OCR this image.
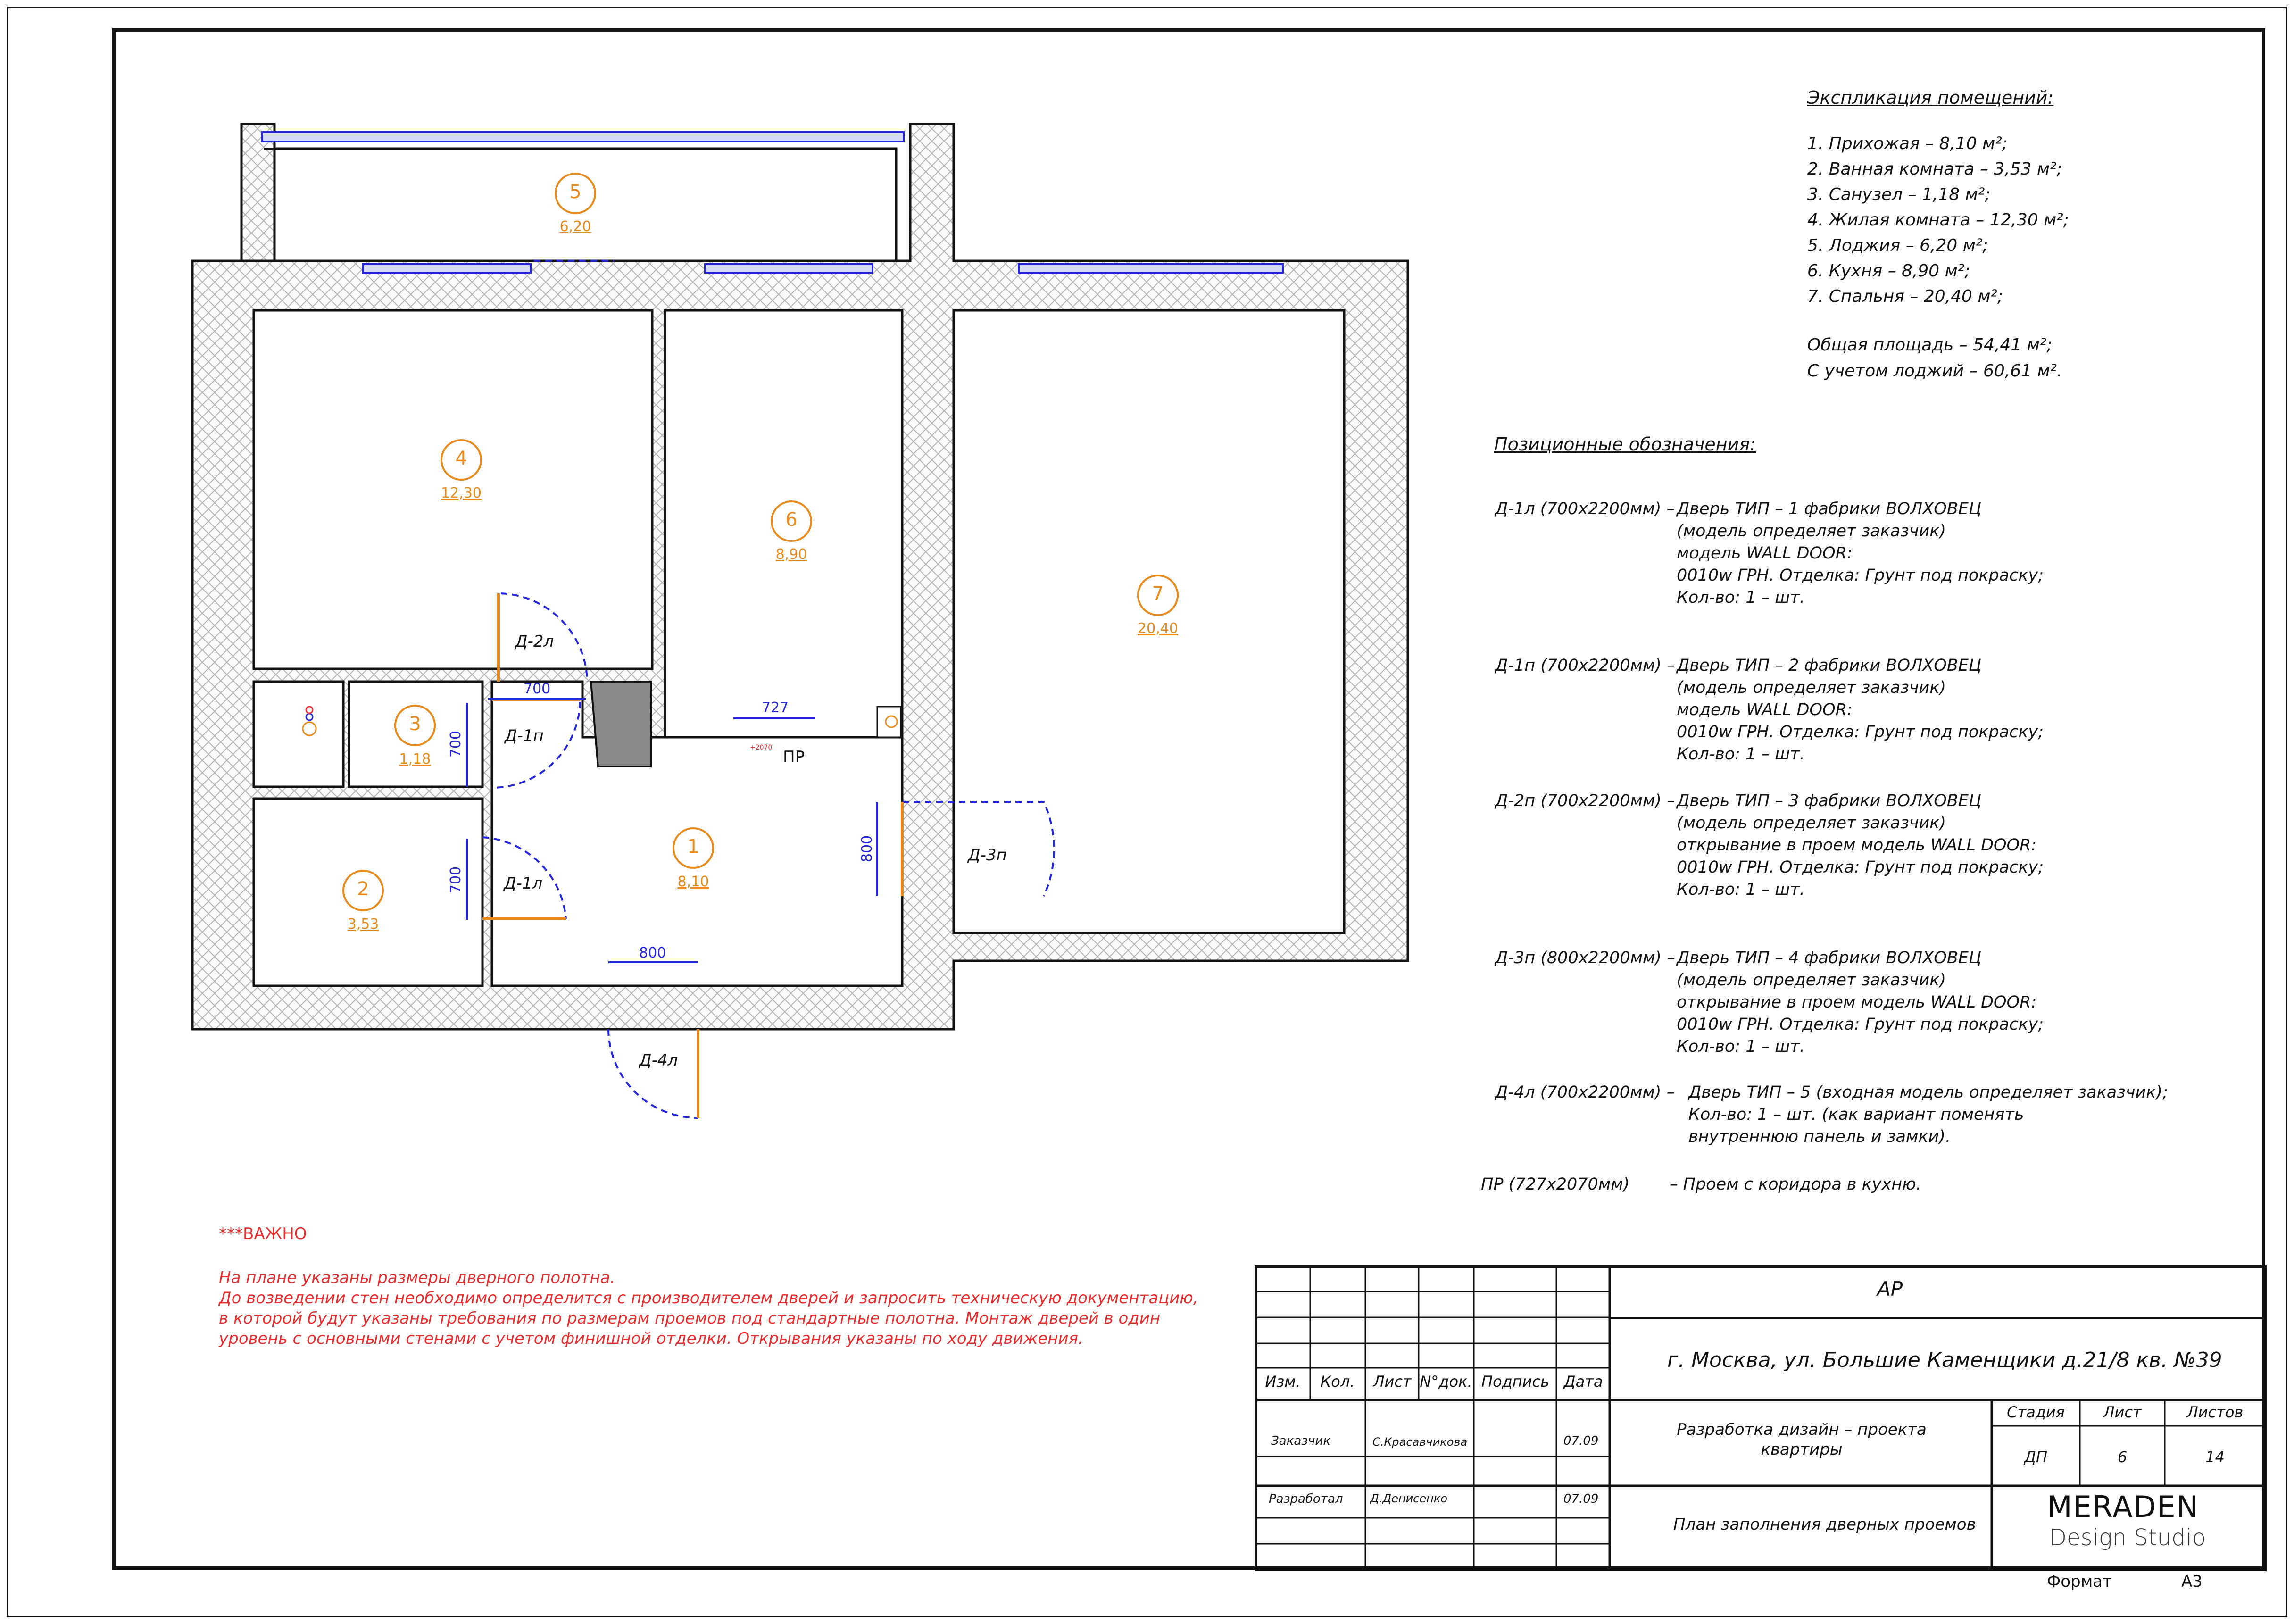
1
8,10
2
3,53
3
1,18
4
12,30
5
6,20
6
8,90
7
20,40
Д-2л
Д-1п
Д-1л
Д-3п
Д-4л
ПР
+2070
700
700
700
727
800
800
Экспликация помещений:
1. Прихожая – 8,10 м²;
2. Ванная комната – 3,53 м²;
3. Санузел – 1,18 м²;
4. Жилая комната – 12,30 м²;
5. Лоджия – 6,20 м²;
6. Кухня – 8,90 м²;
7. Спальня – 20,40 м²;
Общая площадь – 54,41 м²;
С учетом лоджий – 60,61 м².
Позиционные обозначения:
Д-1л (700х2200мм) – Дверь ТИП – 1 фабрики ВОЛХОВЕЦ
(модель определяет заказчик)
модель WALL DOOR:
0010w ГРН. Отделка: Грунт под покраску;
Кол-во: 1 – шт.
Д-1п (700х2200мм) – Дверь ТИП – 2 фабрики ВОЛХОВЕЦ
(модель определяет заказчик)
модель WALL DOOR:
0010w ГРН. Отделка: Грунт под покраску;
Кол-во: 1 – шт.
Д-2п (700х2200мм) – Дверь ТИП – 3 фабрики ВОЛХОВЕЦ
(модель определяет заказчик)
открывание в проем модель WALL DOOR:
0010w ГРН. Отделка: Грунт под покраску;
Кол-во: 1 – шт.
Д-3п (800х2200мм) – Дверь ТИП – 4 фабрики ВОЛХОВЕЦ
(модель определяет заказчик)
открывание в проем модель WALL DOOR:
0010w ГРН. Отделка: Грунт под покраску;
Кол-во: 1 – шт.
Д-4л (700х2200мм) – Дверь ТИП – 5 (входная модель определяет заказчик);
Кол-во: 1 – шт. (как вариант поменять
внутреннюю панель и замки).
ПР (727х2070мм) – Проем с коридора в кухню.
***ВАЖНО
На плане указаны размеры дверного полотна.
До возведении стен необходимо определится с производителем дверей и запросить техническую документацию,
в которой будут указаны требования по размерам проемов под стандартные полотна. Монтаж дверей в один
уровень с основными стенами с учетом финишной отделки. Открывания указаны по ходу движения.
АР
г. Москва, ул. Большие Каменщики д.21/8 кв. №39
Изм.	Кол.	Лист N°док. Подпись Дата
Заказчик	С.Красавчикова	07.09
Разработал Д.Денисенко	07.09
Разработка дизайн – проекта квартиры
План заполнения дверных проемов
Стадия	Лист	Листов
ДП	6	14
MERADEN
Design Studio
Формат	А3
